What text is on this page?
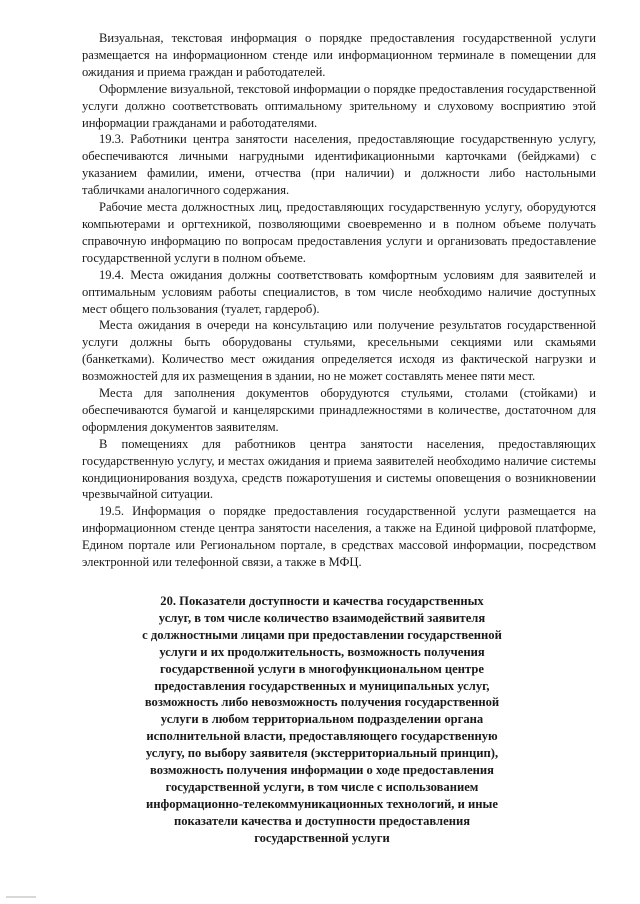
Визуальная, текстовая информация о порядке предоставления государственной услуги размещается на информационном стенде или информационном терминале в помещении для ожидания и приема граждан и работодателей.

Оформление визуальной, текстовой информации о порядке предоставления государственной услуги должно соответствовать оптимальному зрительному и слуховому восприятию этой информации гражданами и работодателями.

19.3. Работники центра занятости населения, предоставляющие государственную услугу, обеспечиваются личными нагрудными идентификационными карточками (бейджами) с указанием фамилии, имени, отчества (при наличии) и должности либо настольными табличками аналогичного содержания.

Рабочие места должностных лиц, предоставляющих государственную услугу, оборудуются компьютерами и оргтехникой, позволяющими своевременно и в полном объеме получать справочную информацию по вопросам предоставления услуги и организовать предоставление государственной услуги в полном объеме.

19.4. Места ожидания должны соответствовать комфортным условиям для заявителей и оптимальным условиям работы специалистов, в том числе необходимо наличие доступных мест общего пользования (туалет, гардероб).

Места ожидания в очереди на консультацию или получение результатов государственной услуги должны быть оборудованы стульями, кресельными секциями или скамьями (банкетками). Количество мест ожидания определяется исходя из фактической нагрузки и возможностей для их размещения в здании, но не может составлять менее пяти мест.

Места для заполнения документов оборудуются стульями, столами (стойками) и обеспечиваются бумагой и канцелярскими принадлежностями в количестве, достаточном для оформления документов заявителям.

В помещениях для работников центра занятости населения, предоставляющих государственную услугу, и местах ожидания и приема заявителей необходимо наличие системы кондиционирования воздуха, средств пожаротушения и системы оповещения о возникновении чрезвычайной ситуации.

19.5. Информация о порядке предоставления государственной услуги размещается на информационном стенде центра занятости населения, а также на Единой цифровой платформе, Едином портале или Региональном портале, в средствах массовой информации, посредством электронной или телефонной связи, а также в МФЦ.

20. Показатели доступности и качества государственных
услуг, в том числе количество взаимодействий заявителя
с должностными лицами при предоставлении государственной
услуги и их продолжительность, возможность получения
государственной услуги в многофункциональном центре
предоставления государственных и муниципальных услуг,
возможность либо невозможность получения государственной
услуги в любом территориальном подразделении органа
исполнительной власти, предоставляющего государственную
услугу, по выбору заявителя (экстерриториальный принцип),
возможность получения информации о ходе предоставления
государственной услуги, в том числе с использованием
информационно-телекоммуникационных технологий, и иные
показатели качества и доступности предоставления
государственной услуги
